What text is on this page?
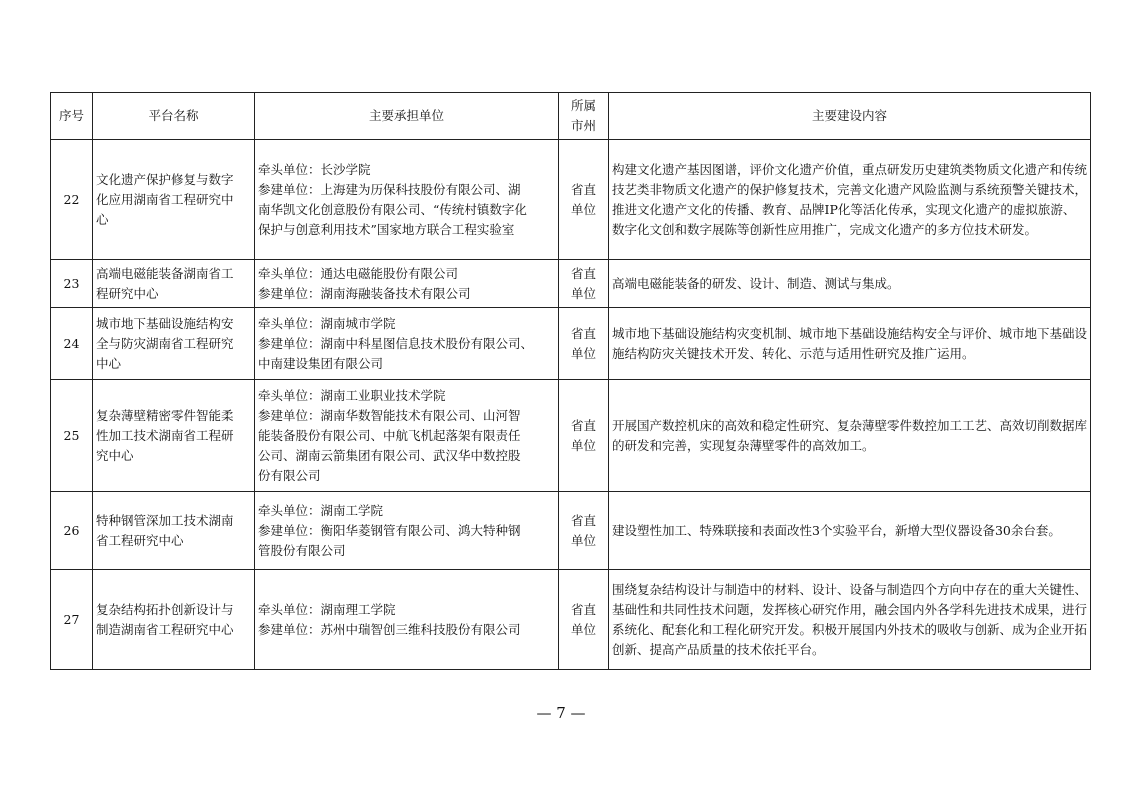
序号	平台名称	主要承担单位	所属
市州	主要建设内容
22	文化遗产保护修复与数字
化应用湖南省工程研究中
心	牵头单位：长沙学院
参建单位：上海建为历保科技股份有限公司、湖
南华凯文化创意股份有限公司、“传统村镇数字化
保护与创意利用技术”国家地方联合工程实验室	省直
单位	构建文化遗产基因图谱，评价文化遗产价值，重点研发历史建筑类物质文化遗产和传统技艺类非物质文化遗产的保护修复技术，完善文化遗产风险监测与系统预警关键技术，推进文化遗产文化的传播、教育、品牌IP化等活化传承，实现文化遗产的虚拟旅游、数字化文创和数字展陈等创新性应用推广，完成文化遗产的多方位技术研发。

23	高端电磁能装备湖南省工
程研究中心	牵头单位：通达电磁能股份有限公司
参建单位：湖南海融装备技术有限公司	省直
单位	高端电磁能装备的研发、设计、制造、测试与集成。

24	城市地下基础设施结构安
全与防灾湖南省工程研究
中心	牵头单位：湖南城市学院
参建单位：湖南中科星图信息技术股份有限公司、
中南建设集团有限公司	省直
单位	城市地下基础设施结构灾变机制、城市地下基础设施结构安全与评价、城市地下基础设施结构防灾关键技术开发、转化、示范与适用性研究及推广运用。

25	复杂薄壁精密零件智能柔
性加工技术湖南省工程研
究中心	牵头单位：湖南工业职业技术学院
参建单位：湖南华数智能技术有限公司、山河智
能装备股份有限公司、中航飞机起落架有限责任
公司、湖南云箭集团有限公司、武汉华中数控股
份有限公司	省直
单位	开展国产数控机床的高效和稳定性研究、复杂薄壁零件数控加工工艺、高效切削数据库的研发和完善，实现复杂薄壁零件的高效加工。

26	特种钢管深加工技术湖南
省工程研究中心	牵头单位：湖南工学院
参建单位：衡阳华菱钢管有限公司、鸿大特种钢
管股份有限公司	省直
单位	建设塑性加工、特殊联接和表面改性3个实验平台，新增大型仪器设备30余台套。

27	复杂结构拓扑创新设计与
制造湖南省工程研究中心	牵头单位：湖南理工学院
参建单位：苏州中瑞智创三维科技股份有限公司	省直
单位	围绕复杂结构设计与制造中的材料、设计、设备与制造四个方向中存在的重大关键性、基础性和共同性技术问题，发挥核心研究作用，融会国内外各学科先进技术成果，进行系统化、配套化和工程化研究开发。积极开展国内外技术的吸收与创新、成为企业开拓创新、提高产品质量的技术依托平台。
— 7 —
